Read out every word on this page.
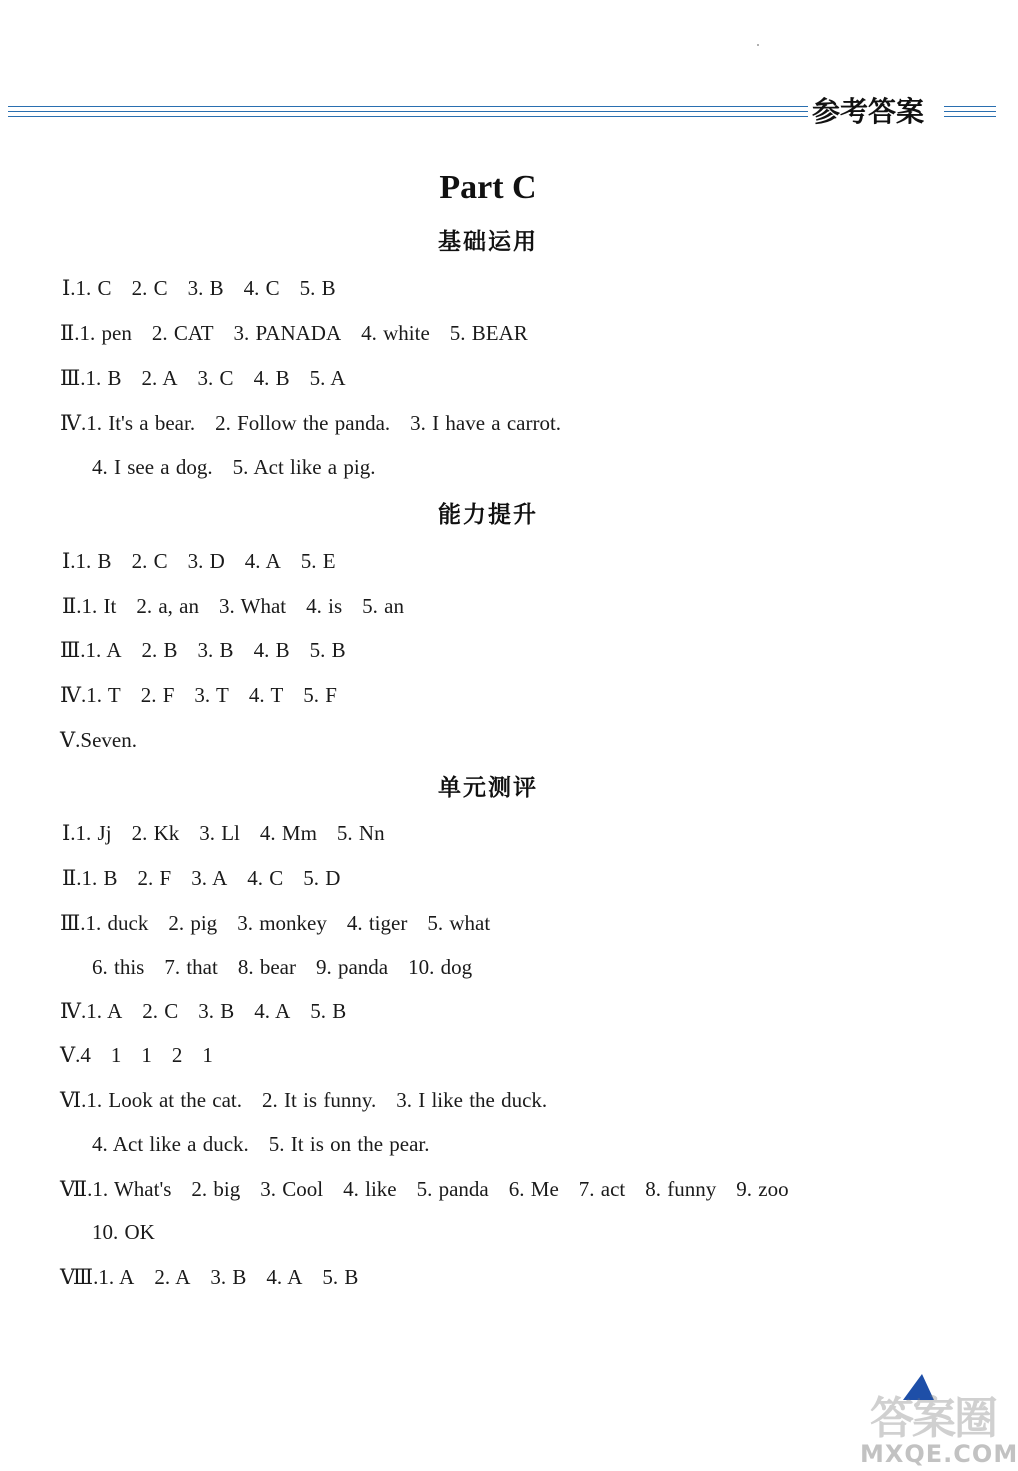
参考答案
Part C
基础运用
Ⅰ.1. C 2. C 3. B 4. C 5. B
Ⅱ.1. pen 2. CAT 3. PANADA 4. white 5. BEAR
Ⅲ.1. B 2. A 3. C 4. B 5. A
Ⅳ.1. It's a bear. 2. Follow the panda. 3. I have a carrot.
4. I see a dog. 5. Act like a pig.
能力提升
Ⅰ.1. B 2. C 3. D 4. A 5. E
Ⅱ.1. It 2. a, an 3. What 4. is 5. an
Ⅲ.1. A 2. B 3. B 4. B 5. B
Ⅳ.1. T 2. F 3. T 4. T 5. F
Ⅴ.Seven.
单元测评
Ⅰ.1. Jj 2. Kk 3. Ll 4. Mm 5. Nn
Ⅱ.1. B 2. F 3. A 4. C 5. D
Ⅲ.1. duck 2. pig 3. monkey 4. tiger 5. what
6. this 7. that 8. bear 9. panda 10. dog
Ⅳ.1. A 2. C 3. B 4. A 5. B
Ⅴ.4 1 1 2 1
Ⅵ.1. Look at the cat. 2. It is funny. 3. I like the duck.
4. Act like a duck. 5. It is on the pear.
Ⅶ.1. What's 2. big 3. Cool 4. like 5. panda 6. Me 7. act 8. funny 9. zoo
10. OK
Ⅷ.1. A 2. A 3. B 4. A 5. B
答案圈
MXQE.COM
